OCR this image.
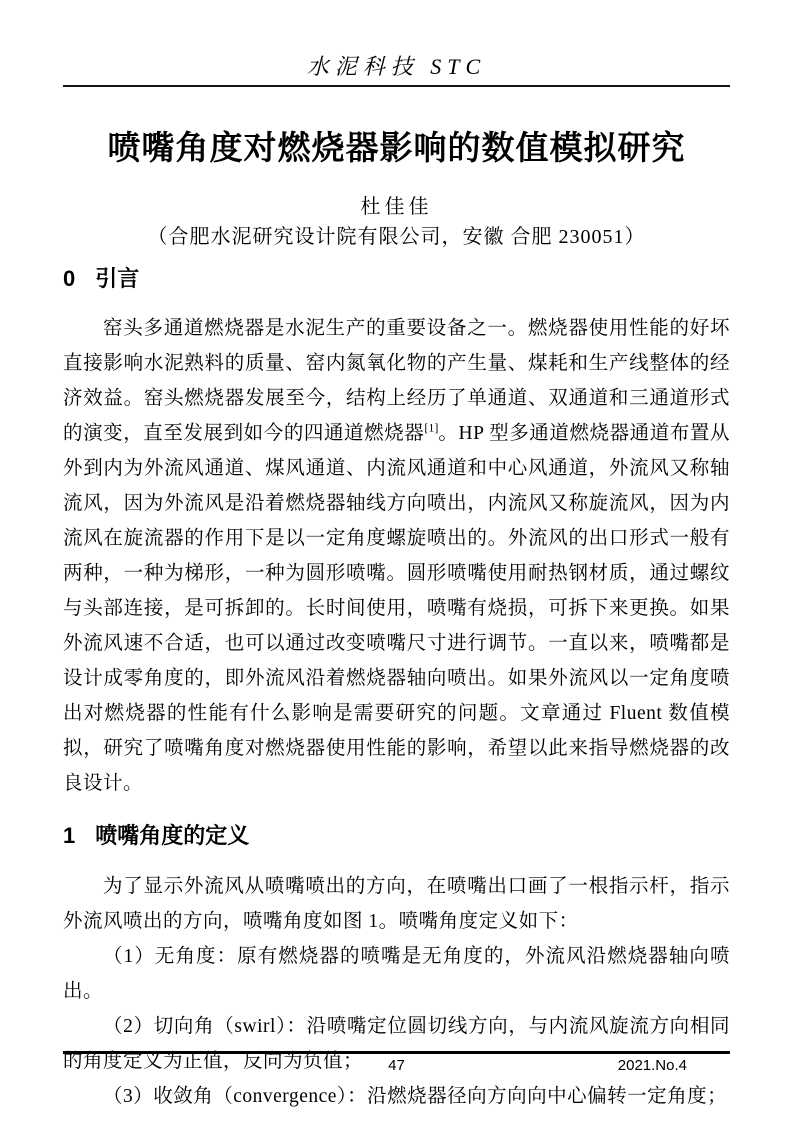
水泥科技 STC
喷嘴角度对燃烧器影响的数值模拟研究
杜佳佳
（合肥水泥研究设计院有限公司，安徽 合肥 230051）
0 引言

窑头多通道燃烧器是水泥生产的重要设备之一。燃烧器使用性能的好坏直接影响水泥熟料的质量、窑内氮氧化物的产生量、煤耗和生产线整体的经济效益。窑头燃烧器发展至今，结构上经历了单通道、双通道和三通道形式的演变，直至发展到如今的四通道燃烧器[1]。HP 型多通道燃烧器通道布置从外到内为外流风通道、煤风通道、内流风通道和中心风通道，外流风又称轴流风，因为外流风是沿着燃烧器轴线方向喷出，内流风又称旋流风，因为内流风在旋流器的作用下是以一定角度螺旋喷出的。外流风的出口形式一般有两种，一种为梯形，一种为圆形喷嘴。圆形喷嘴使用耐热钢材质，通过螺纹与头部连接，是可拆卸的。长时间使用，喷嘴有烧损，可拆下来更换。如果外流风速不合适，也可以通过改变喷嘴尺寸进行调节。一直以来，喷嘴都是设计成零角度的，即外流风沿着燃烧器轴向喷出。如果外流风以一定角度喷出对燃烧器的性能有什么影响是需要研究的问题。文章通过 Fluent 数值模拟，研究了喷嘴角度对燃烧器使用性能的影响，希望以此来指导燃烧器的改良设计。

1 喷嘴角度的定义

为了显示外流风从喷嘴喷出的方向，在喷嘴出口画了一根指示杆，指示外流风喷出的方向，喷嘴角度如图 1。喷嘴角度定义如下：

（1）无角度：原有燃烧器的喷嘴是无角度的，外流风沿燃烧器轴向喷出。

（2）切向角（swirl）：沿喷嘴定位圆切线方向，与内流风旋流方向相同的角度定义为正值，反向为负值；

（3）收敛角（convergence）：沿燃烧器径向方向向中心偏转一定角度；

47	2021.No.4
